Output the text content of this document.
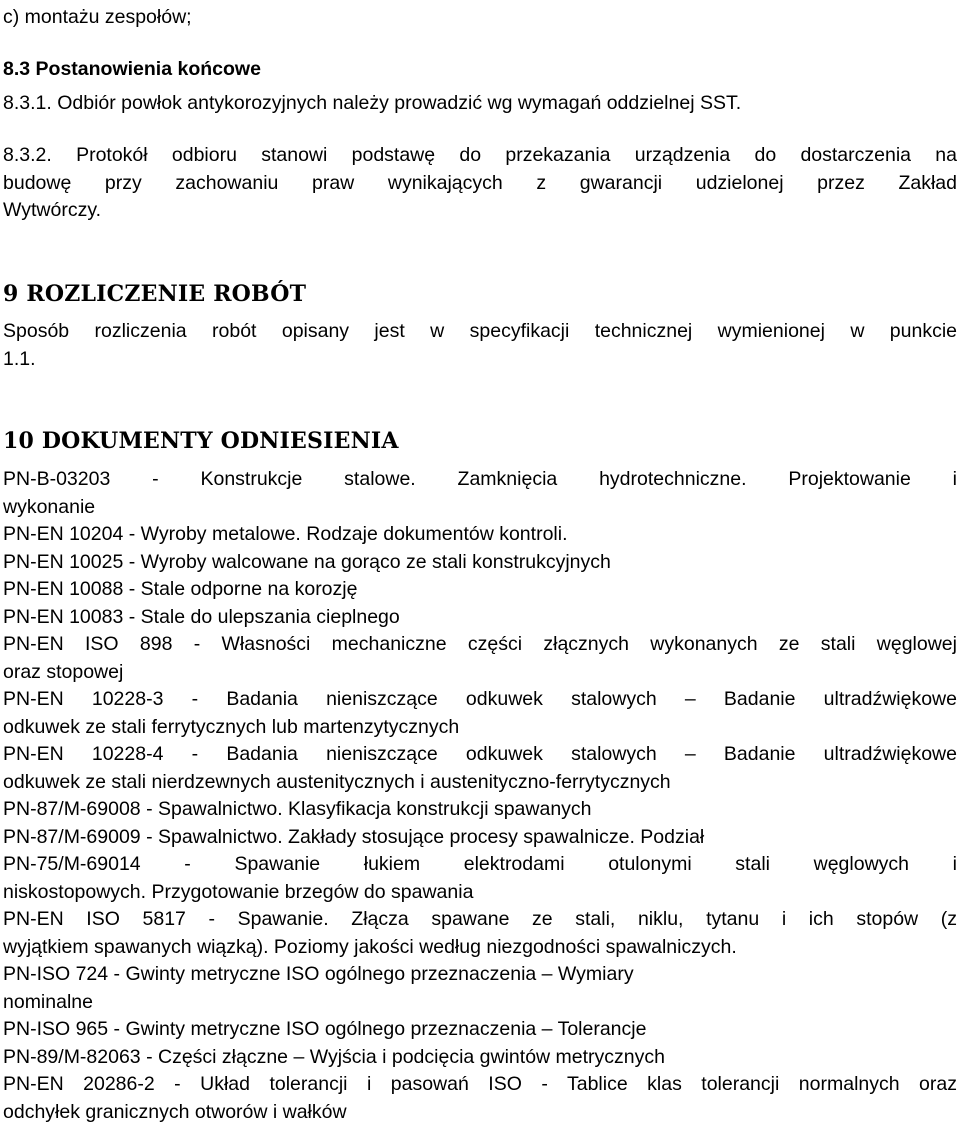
c) montażu zespołów;

8.3 Postanowienia końcowe

8.3.1. Odbiór powłok antykorozyjnych należy prowadzić wg wymagań oddzielnej SST.

8.3.2. Protokół odbioru stanowi podstawę do przekazania urządzenia do dostarczenia na

budowę przy zachowaniu praw wynikających z gwarancji udzielonej przez Zakład

Wytwórczy.

9 ROZLICZENIE ROBÓT

Sposób rozliczenia robót opisany jest w specyfikacji technicznej wymienionej w punkcie

1.1.

10 DOKUMENTY ODNIESIENIA

PN-B-03203 - Konstrukcje stalowe. Zamknięcia hydrotechniczne. Projektowanie i

wykonanie

PN-EN 10204 - Wyroby metalowe. Rodzaje dokumentów kontroli.

PN-EN 10025 - Wyroby walcowane na gorąco ze stali konstrukcyjnych

PN-EN 10088 - Stale odporne na korozję

PN-EN 10083 - Stale do ulepszania cieplnego

PN-EN ISO 898 - Własności mechaniczne części złącznych wykonanych ze stali węglowej

oraz stopowej

PN-EN 10228-3 - Badania nieniszczące odkuwek stalowych – Badanie ultradźwiękowe

odkuwek ze stali ferrytycznych lub martenzytycznych

PN-EN 10228-4 - Badania nieniszczące odkuwek stalowych – Badanie ultradźwiękowe

odkuwek ze stali nierdzewnych austenitycznych i austenityczno-ferrytycznych

PN-87/M-69008 - Spawalnictwo. Klasyfikacja konstrukcji spawanych

PN-87/M-69009 - Spawalnictwo. Zakłady stosujące procesy spawalnicze. Podział

PN-75/M-69014 - Spawanie łukiem elektrodami otulonymi stali węglowych i

niskostopowych. Przygotowanie brzegów do spawania

PN-EN ISO 5817 - Spawanie. Złącza spawane ze stali, niklu, tytanu i ich stopów (z

wyjątkiem spawanych wiązką). Poziomy jakości według niezgodności spawalniczych.

PN-ISO 724 - Gwinty metryczne ISO ogólnego przeznaczenia – Wymiary

nominalne

PN-ISO 965 - Gwinty metryczne ISO ogólnego przeznaczenia – Tolerancje

PN-89/M-82063 - Części złączne – Wyjścia i podcięcia gwintów metrycznych

PN-EN 20286-2 - Układ tolerancji i pasowań ISO - Tablice klas tolerancji normalnych oraz

odchyłek granicznych otworów i wałków
